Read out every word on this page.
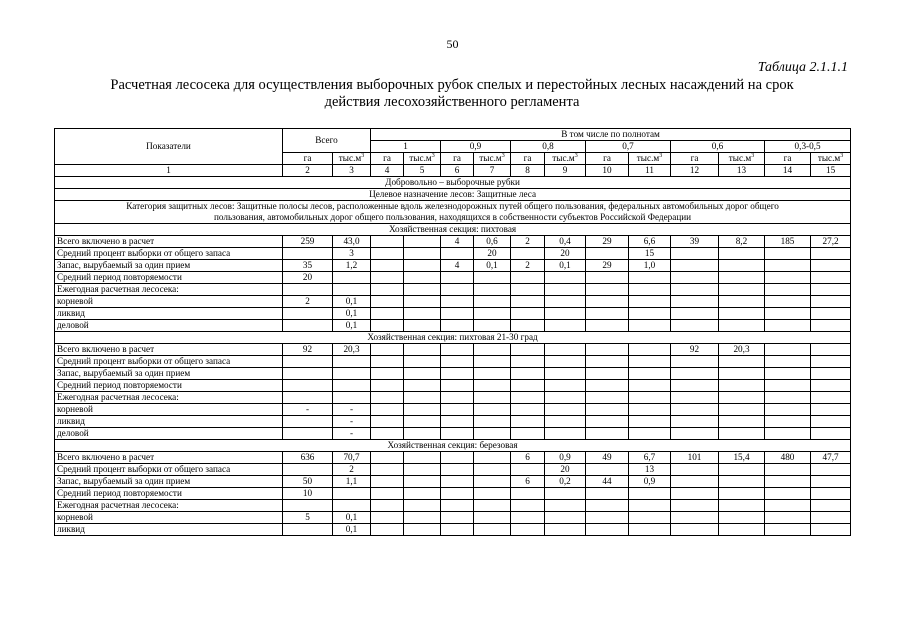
50
Таблица 2.1.1.1
Расчетная лесосека для осуществления выборочных рубок спелых и перестойных лесных насаждений на срок
действия лесохозяйственного регламента
Показатели	Всего		В том числе по полнотам											
			1		0,9		0,8		0,7		0,6		0,3-0,5	
	га	$тыс.м^3$	га	$тыс.м^3$	га	$тыс.м^3$	га	$тыс.м^3$	га	$тыс.м^3$	га	$тыс.м^3$	га	$тыс.м^3$
1	2	3	4	5	6	7	8	9	10	11	12	13	14	15
Добровольно – выборочные рубки														
Целевое назначение лесов: Защитные леса														

Категория защитных лесов: Защитные полосы лесов, расположенные вдоль железнодорожных путей общего пользования, федеральных автомобильных дорог общего
пользования, автомобильных дорог общего пользования, находящихся в собственности субъектов Российской Федерации														

Хозяйственная секция: пихтовая														
Всего включено в расчет	259	43,0			4	0,6	2	0,4	29	6,6	39	8,2	185	27,2
Средний процент выборки от общего запаса		3				20		20		15				
Запас, вырубаемый за один прием	35	1,2			4	0,1	2	0,1	29	1,0				
Средний период повторяемости	20													
Ежегодная расчетная лесосека:														
корневой	2	0,1												
ликвид		0,1												
деловой		0,1												
Хозяйственная секция: пихтовая 21-30 град														
Всего включено в расчет	92	20,3									92	20,3		
Средний процент выборки от общего запаса														
Запас, вырубаемый за один прием														
Средний период повторяемости														
Ежегодная расчетная лесосека:														
корневой	-	-												
ликвид		-												
деловой		-												
Хозяйственная секция: березовая														
Всего включено в расчет	636	70,7					6	0,9	49	6,7	101	15,4	480	47,7
Средний процент выборки от общего запаса		2						20		13				
Запас, вырубаемый за один прием	50	1,1					6	0,2	44	0,9				
Средний период повторяемости	10													
Ежегодная расчетная лесосека:														
корневой	5	0,1												
ликвид		0,1												
